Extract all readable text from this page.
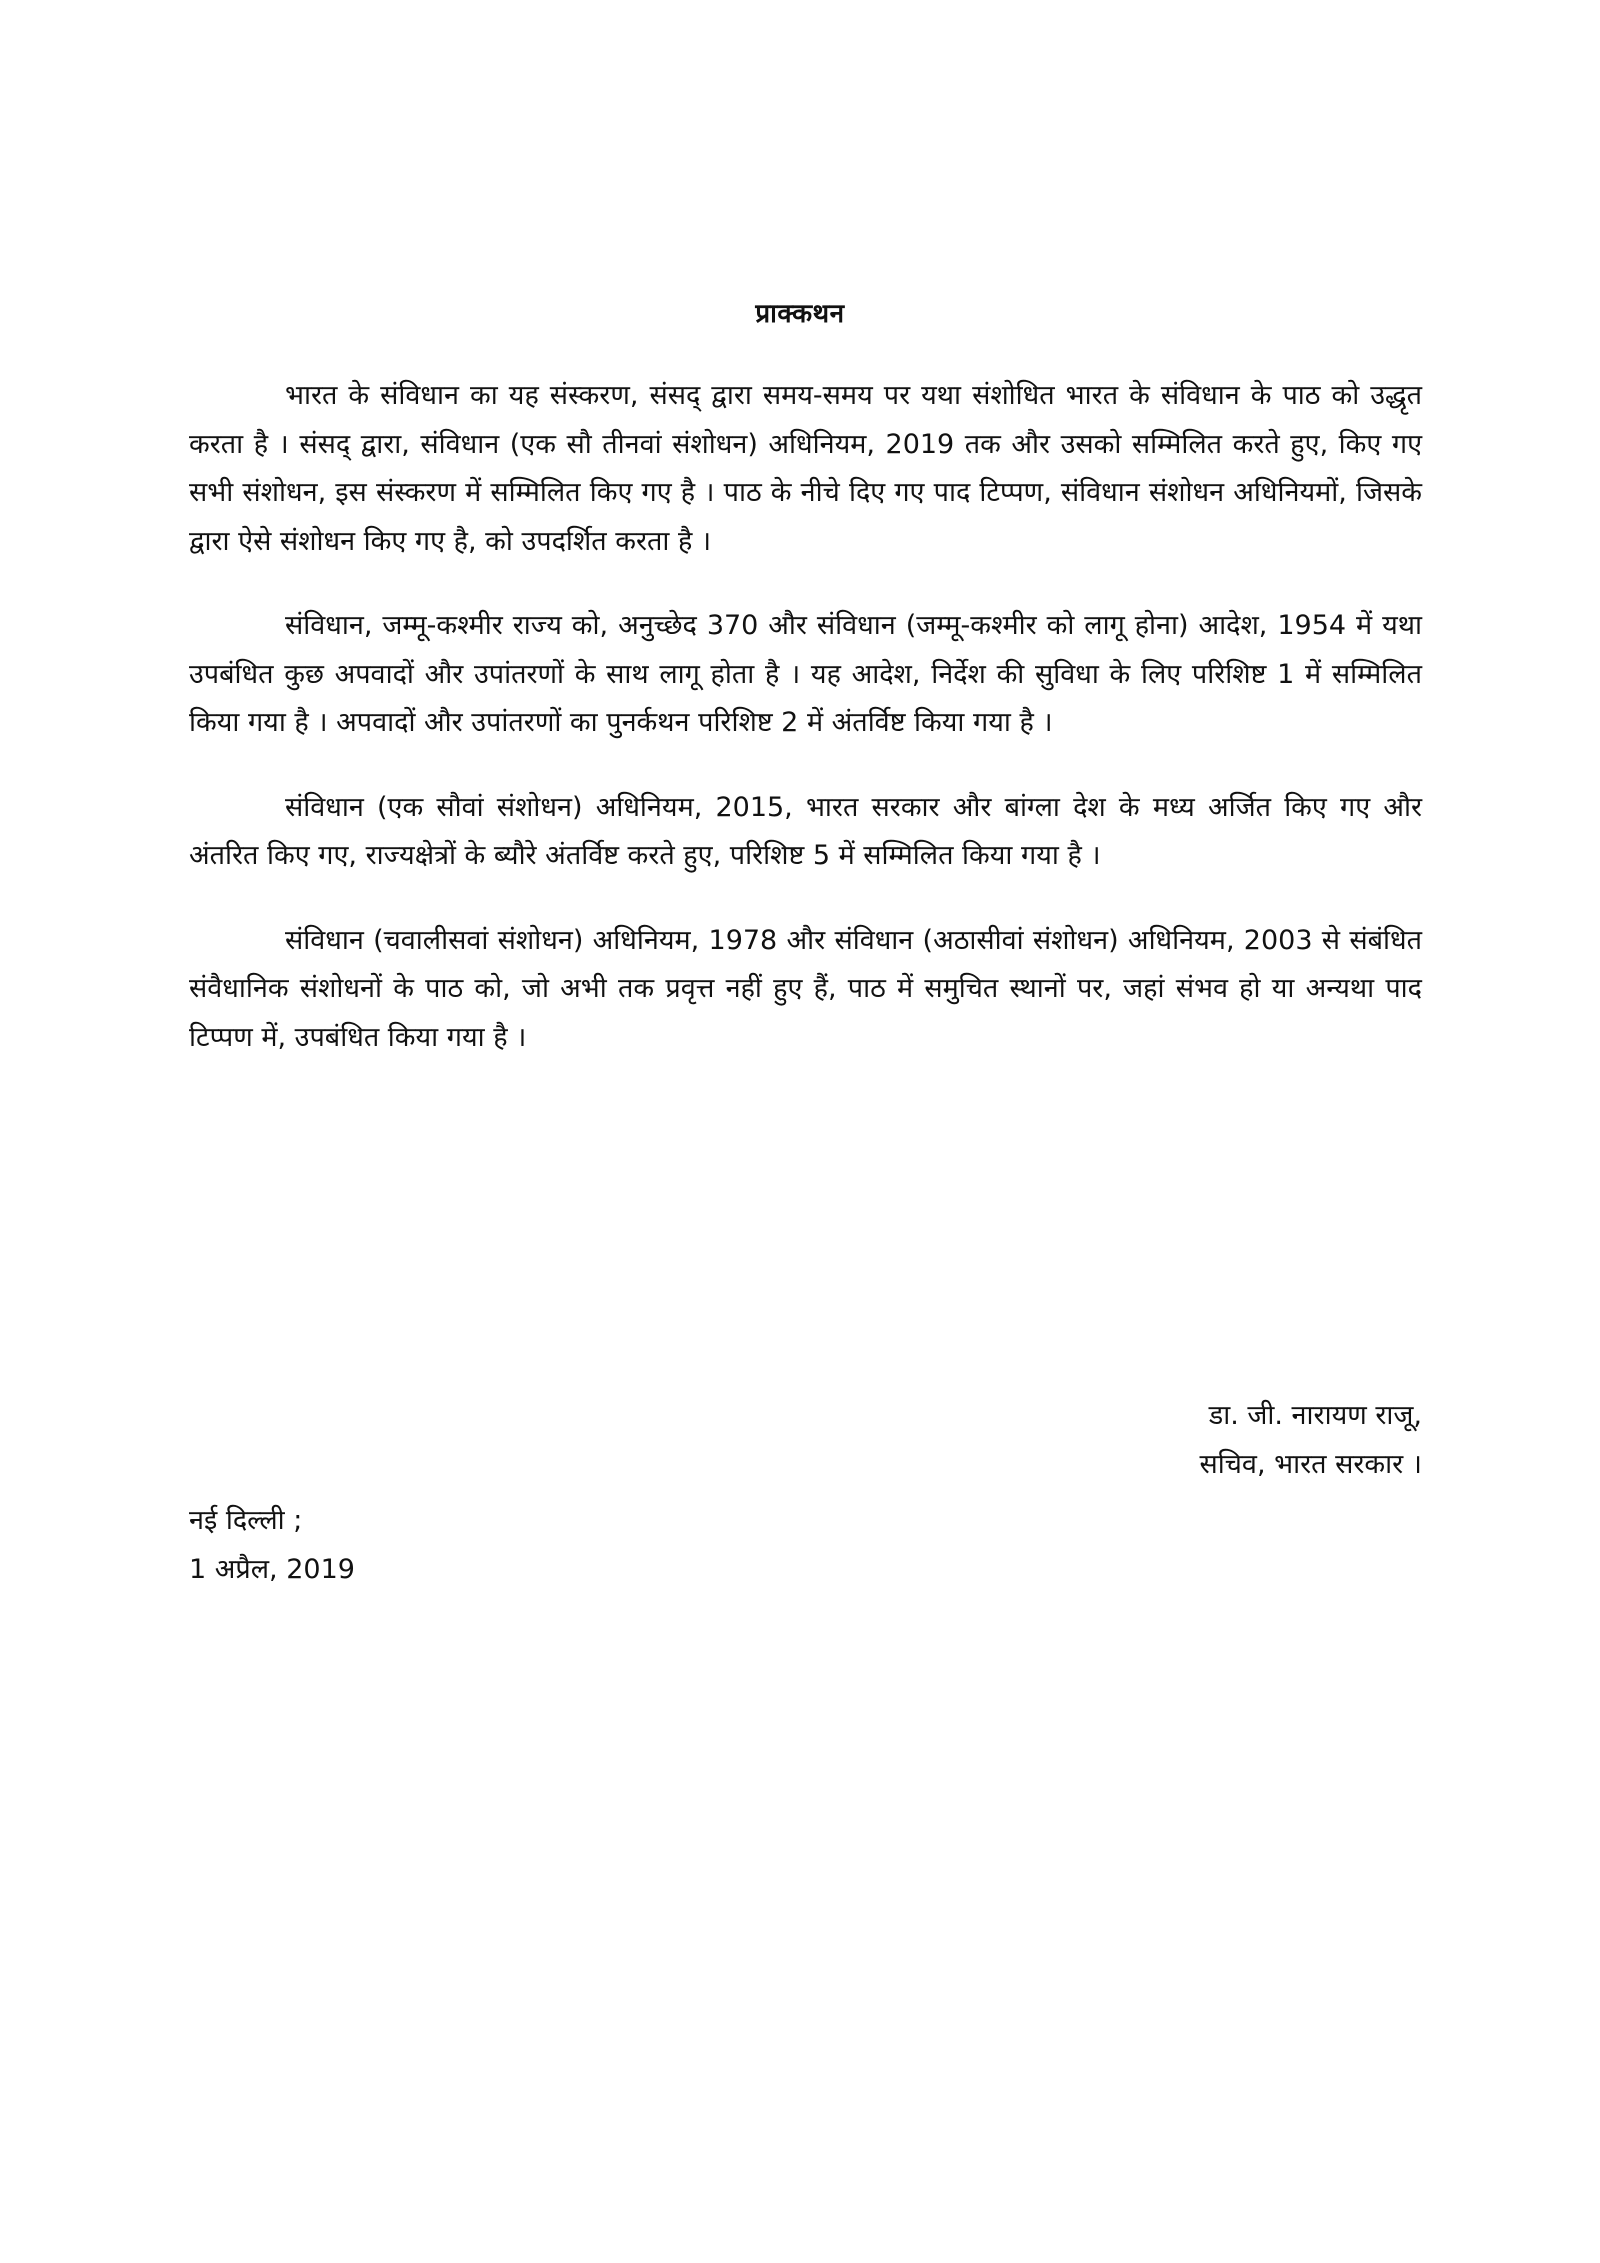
प्राक्कथन

भारत के संविधान का यह संस्करण, संसद् द्वारा समय-समय पर यथा संशोधित भारत के संविधान के पाठ को उद्धृत करता है । संसद् द्वारा, संविधान (एक सौ तीनवां संशोधन) अधिनियम, 2019 तक और उसको सम्मिलित करते हुए, किए गए सभी संशोधन, इस संस्करण में सम्मिलित किए गए है । पाठ के नीचे दिए गए पाद टिप्पण, संविधान संशोधन अधिनियमों, जिसके द्वारा ऐसे संशोधन किए गए है, को उपदर्शित करता है ।

संविधान, जम्मू-कश्मीर राज्य को, अनुच्छेद 370 और संविधान (जम्मू-कश्मीर को लागू होना) आदेश, 1954 में यथा उपबंधित कुछ अपवादों और उपांतरणों के साथ लागू होता है । यह आदेश, निर्देश की सुविधा के लिए परिशिष्ट 1 में सम्मिलित किया गया है । अपवादों और उपांतरणों का पुनर्कथन परिशिष्ट 2 में अंतर्विष्ट किया गया है ।

संविधान (एक सौवां संशोधन) अधिनियम, 2015, भारत सरकार और बांग्ला देश के मध्य अर्जित किए गए और अंतरित किए गए, राज्यक्षेत्रों के ब्यौरे अंतर्विष्ट करते हुए, परिशिष्ट 5 में सम्मिलित किया गया है ।

संविधान (चवालीसवां संशोधन) अधिनियम, 1978 और संविधान (अठासीवां संशोधन) अधिनियम, 2003 से संबंधित संवैधानिक संशोधनों के पाठ को, जो अभी तक प्रवृत्त नहीं हुए हैं, पाठ में समुचित स्थानों पर, जहां संभव हो या अन्यथा पाद टिप्पण में, उपबंधित किया गया है ।

डा. जी. नारायण राजू,
सचिव, भारत सरकार ।
नई दिल्ली ;
1 अप्रैल, 2019
